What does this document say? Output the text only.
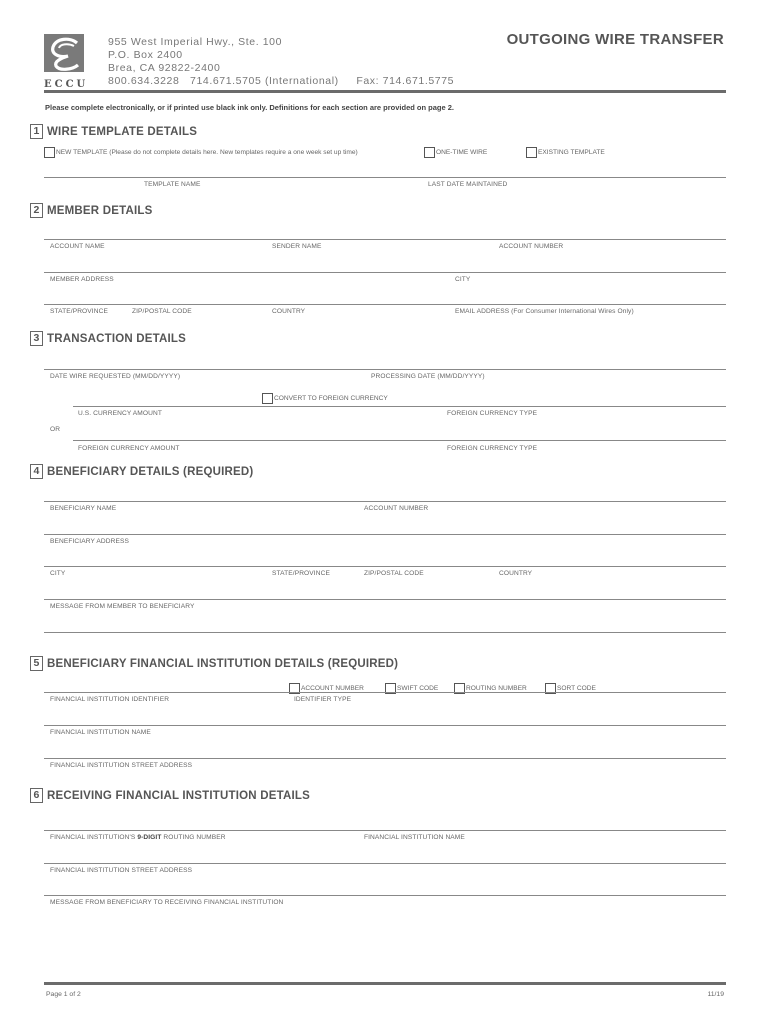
ECCU
955 West Imperial Hwy., Ste. 100
P.O. Box 2400
Brea, CA 92822-2400
800.634.3228 714.671.5705 (International) Fax: 714.671.5775
OUTGOING WIRE TRANSFER
Please complete electronically, or if printed use black ink only. Definitions for each section are provided on page 2.
1 WIRE TEMPLATE DETAILS
NEW TEMPLATE (Please do not complete details here. New templates require a one week set up time)	ONE-TIME WIRE	EXISTING TEMPLATE
TEMPLATE NAME	LAST DATE MAINTAINED
2 MEMBER DETAILS
ACCOUNT NAME	SENDER NAME	ACCOUNT NUMBER
MEMBER ADDRESS	CITY
STATE/PROVINCE	ZIP/POSTAL CODE	COUNTRY	EMAIL ADDRESS (For Consumer International Wires Only)
3 TRANSACTION DETAILS
DATE WIRE REQUESTED (MM/DD/YYYY)	PROCESSING DATE (MM/DD/YYYY)
CONVERT TO FOREIGN CURRENCY
U.S. CURRENCY AMOUNT	FOREIGN CURRENCY TYPE
OR
FOREIGN CURRENCY AMOUNT	FOREIGN CURRENCY TYPE
4 BENEFICIARY DETAILS (REQUIRED)
BENEFICIARY NAME	ACCOUNT NUMBER
BENEFICIARY ADDRESS
CITY	STATE/PROVINCE	ZIP/POSTAL CODE	COUNTRY
MESSAGE FROM MEMBER TO BENEFICIARY
5 BENEFICIARY FINANCIAL INSTITUTION DETAILS (REQUIRED)
ACCOUNT NUMBER	SWIFT CODE	ROUTING NUMBER	SORT CODE
FINANCIAL INSTITUTION IDENTIFIER	IDENTIFIER TYPE
FINANCIAL INSTITUTION NAME
FINANCIAL INSTITUTION STREET ADDRESS
6 RECEIVING FINANCIAL INSTITUTION DETAILS
FINANCIAL INSTITUTION'S 9-DIGIT ROUTING NUMBER	FINANCIAL INSTITUTION NAME
FINANCIAL INSTITUTION STREET ADDRESS
MESSAGE FROM BENEFICIARY TO RECEIVING FINANCIAL INSTITUTION
Page 1 of 2	11/19
